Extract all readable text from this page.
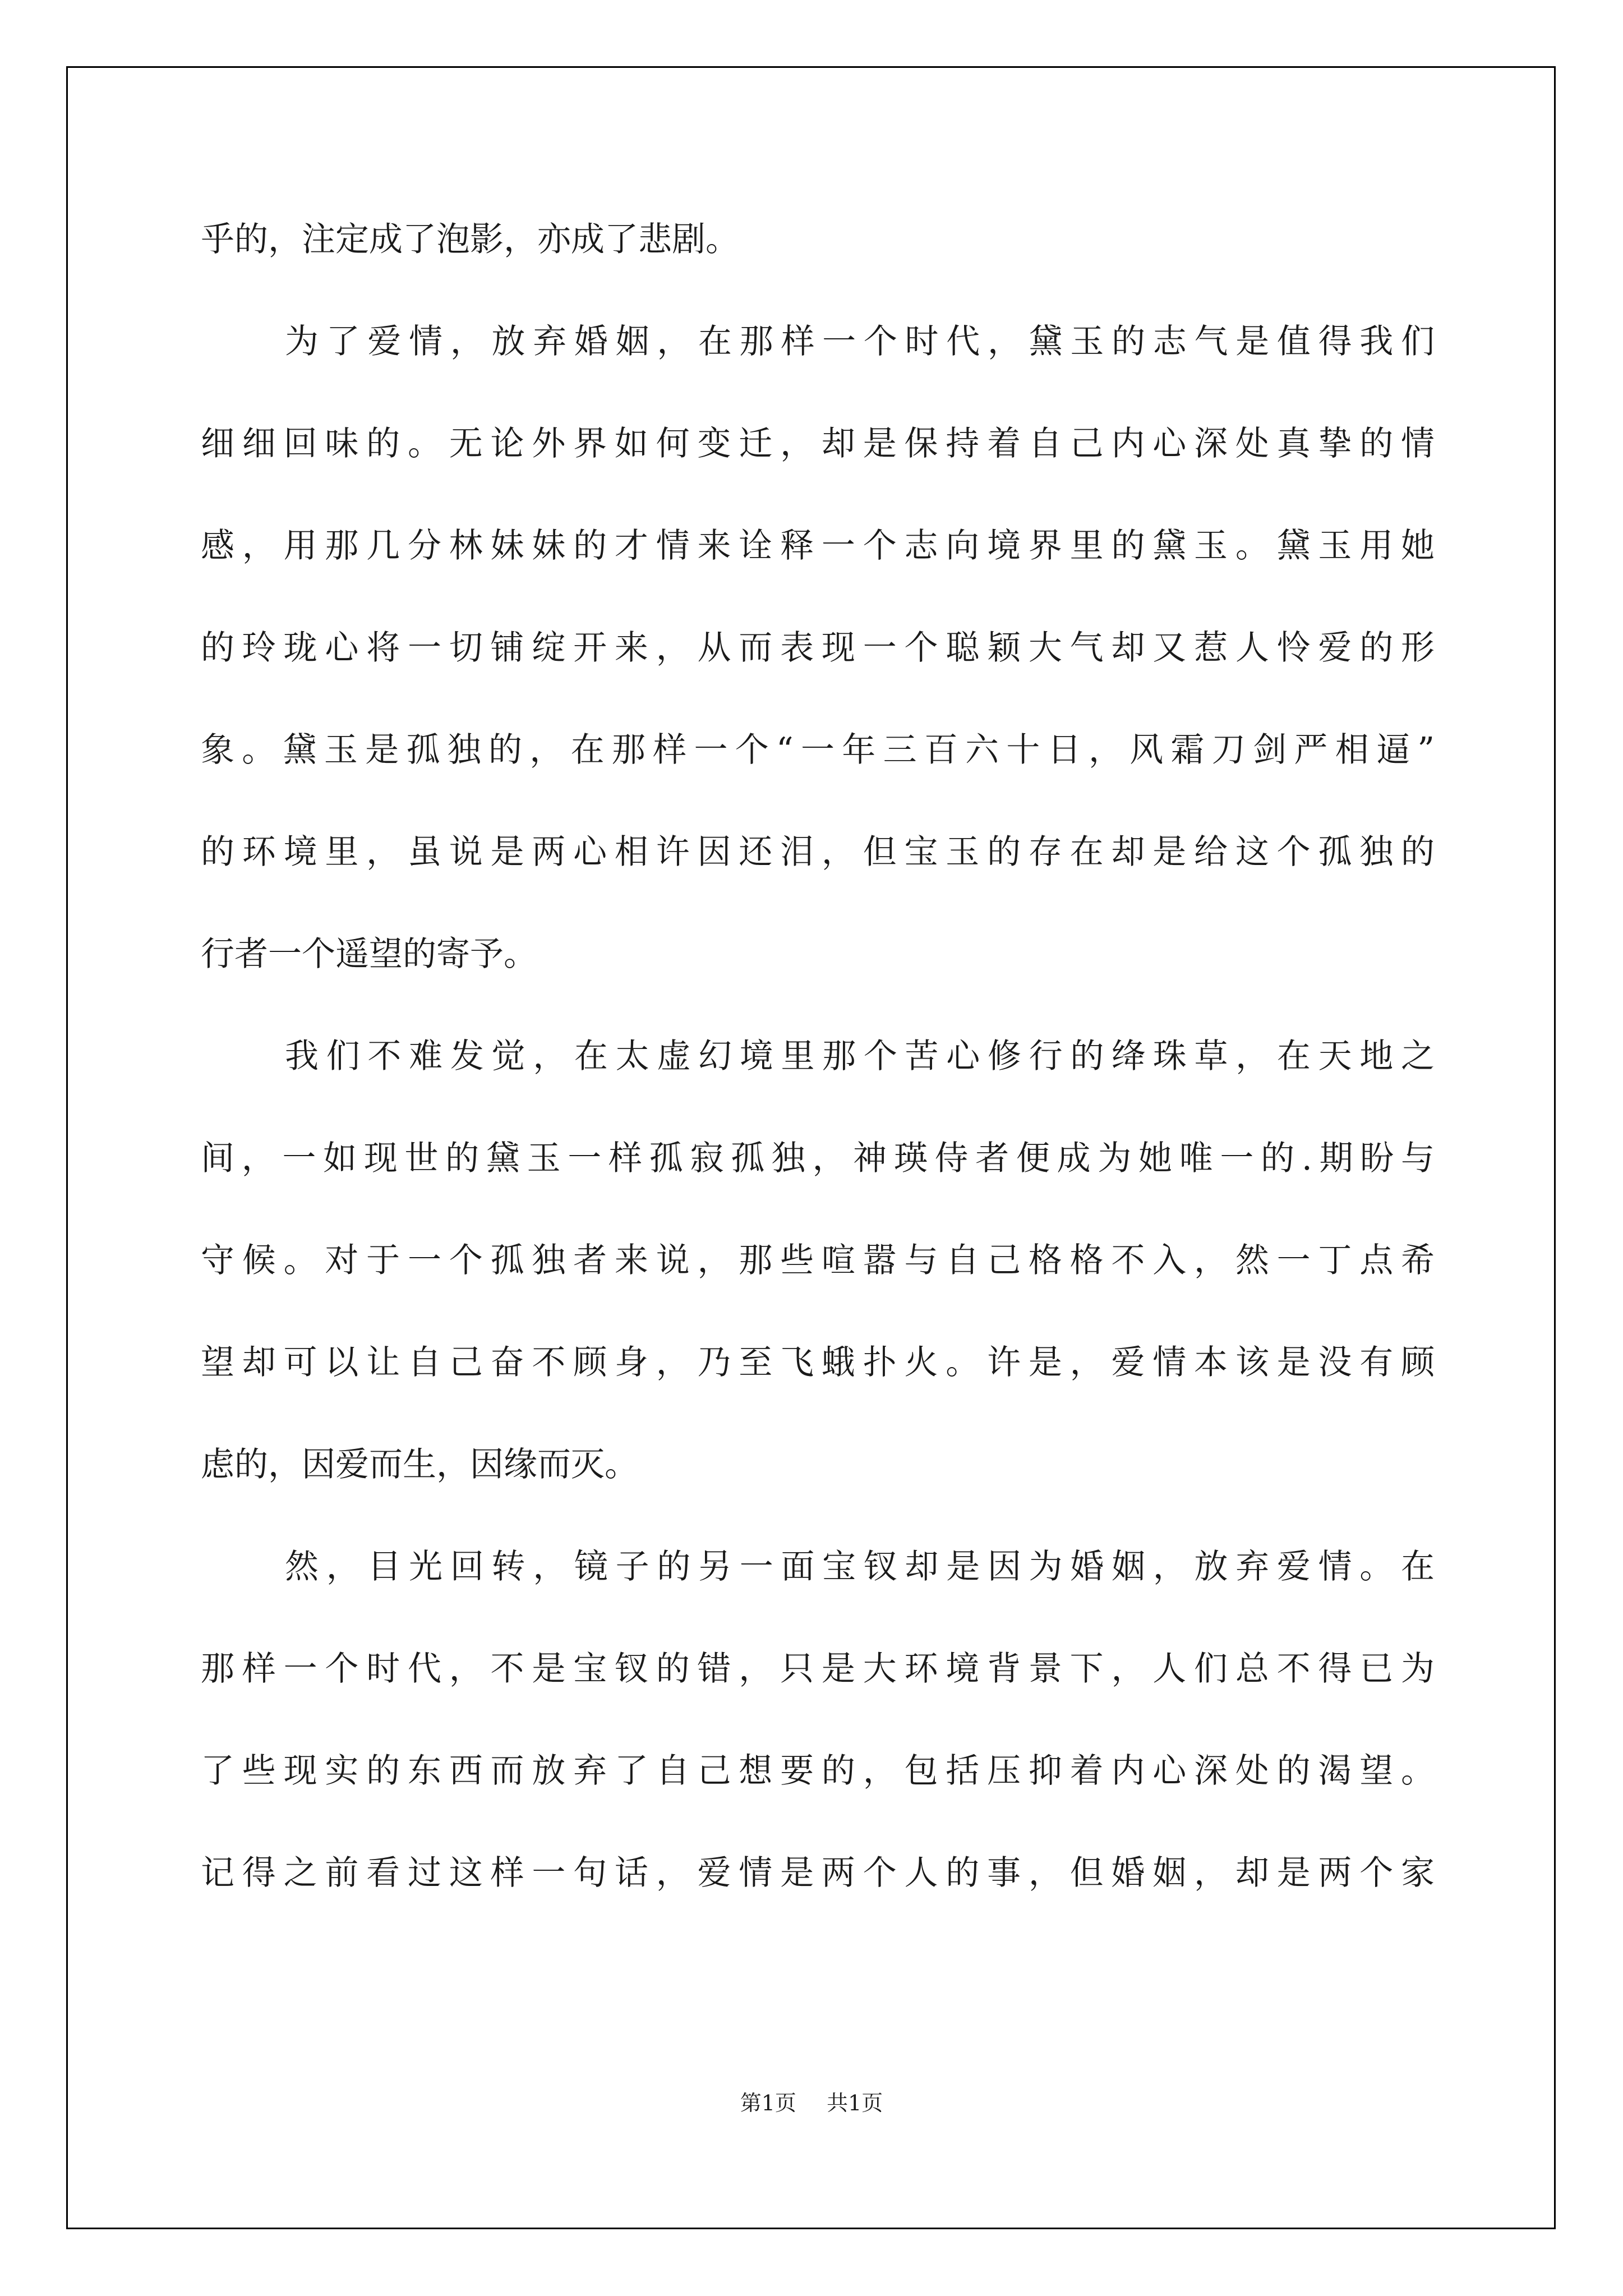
乎的，注定成了泡影，亦成了悲剧。
为了爱情，放弃婚姻，在那样一个时代，黛玉的志气是值得我们
细细回味的。无论外界如何变迁，却是保持着自己内心深处真挚的情
感，用那几分林妹妹的才情来诠释一个志向境界里的黛玉。黛玉用她
的玲珑心将一切铺绽开来，从而表现一个聪颖大气却又惹人怜爱的形
象。黛玉是孤独的，在那样一个“一年三百六十日，风霜刀剑严相逼”
的环境里，虽说是两心相许因还泪，但宝玉的存在却是给这个孤独的
行者一个遥望的寄予。
我们不难发觉，在太虚幻境里那个苦心修行的绛珠草，在天地之
间，一如现世的黛玉一样孤寂孤独，神瑛侍者便成为她唯一的.期盼与
守候。对于一个孤独者来说，那些喧嚣与自己格格不入，然一丁点希
望却可以让自己奋不顾身，乃至飞蛾扑火。许是，爱情本该是没有顾
虑的，因爱而生，因缘而灭。
然，目光回转，镜子的另一面宝钗却是因为婚姻，放弃爱情。在
那样一个时代，不是宝钗的错，只是大环境背景下，人们总不得已为
了些现实的东西而放弃了自己想要的，包括压抑着内心深处的渴望。
记得之前看过这样一句话，爱情是两个人的事，但婚姻，却是两个家
第1页 共1页
